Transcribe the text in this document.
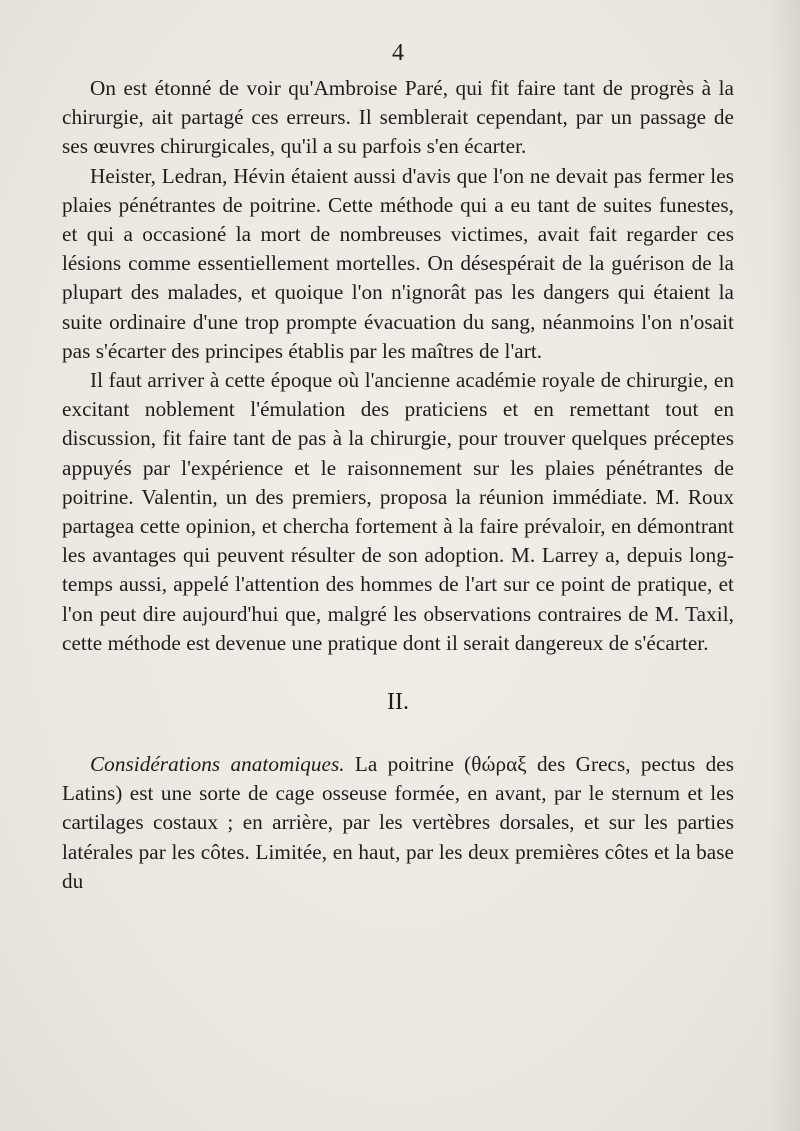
4

On est étonné de voir qu'Ambroise Paré, qui fit faire tant de progrès à la chirurgie, ait partagé ces erreurs. Il semblerait cependant, par un passage de ses œuvres chirurgicales, qu'il a su parfois s'en écarter.

Heister, Ledran, Hévin étaient aussi d'avis que l'on ne devait pas fermer les plaies pénétrantes de poitrine. Cette méthode qui a eu tant de suites funestes, et qui a occasioné la mort de nombreuses victimes, avait fait regarder ces lésions comme essentiellement mortelles. On désespérait de la guérison de la plupart des malades, et quoique l'on n'ignorât pas les dangers qui étaient la suite ordinaire d'une trop prompte évacuation du sang, néanmoins l'on n'osait pas s'écarter des principes établis par les maîtres de l'art.

Il faut arriver à cette époque où l'ancienne académie royale de chirurgie, en excitant noblement l'émulation des praticiens et en remettant tout en discussion, fit faire tant de pas à la chirurgie, pour trouver quelques préceptes appuyés par l'expérience et le raisonnement sur les plaies pénétrantes de poitrine. Valentin, un des premiers, proposa la réunion immédiate. M. Roux partagea cette opinion, et chercha fortement à la faire prévaloir, en démontrant les avantages qui peuvent résulter de son adoption. M. Larrey a, depuis long-temps aussi, appelé l'attention des hommes de l'art sur ce point de pratique, et l'on peut dire aujourd'hui que, malgré les observations contraires de M. Taxil, cette méthode est devenue une pratique dont il serait dangereux de s'écarter.

II.

Considérations anatomiques. La poitrine (θώραξ des Grecs, pectus des Latins) est une sorte de cage osseuse formée, en avant, par le sternum et les cartilages costaux ; en arrière, par les vertèbres dorsales, et sur les parties latérales par les côtes. Limitée, en haut, par les deux premières côtes et la base du
